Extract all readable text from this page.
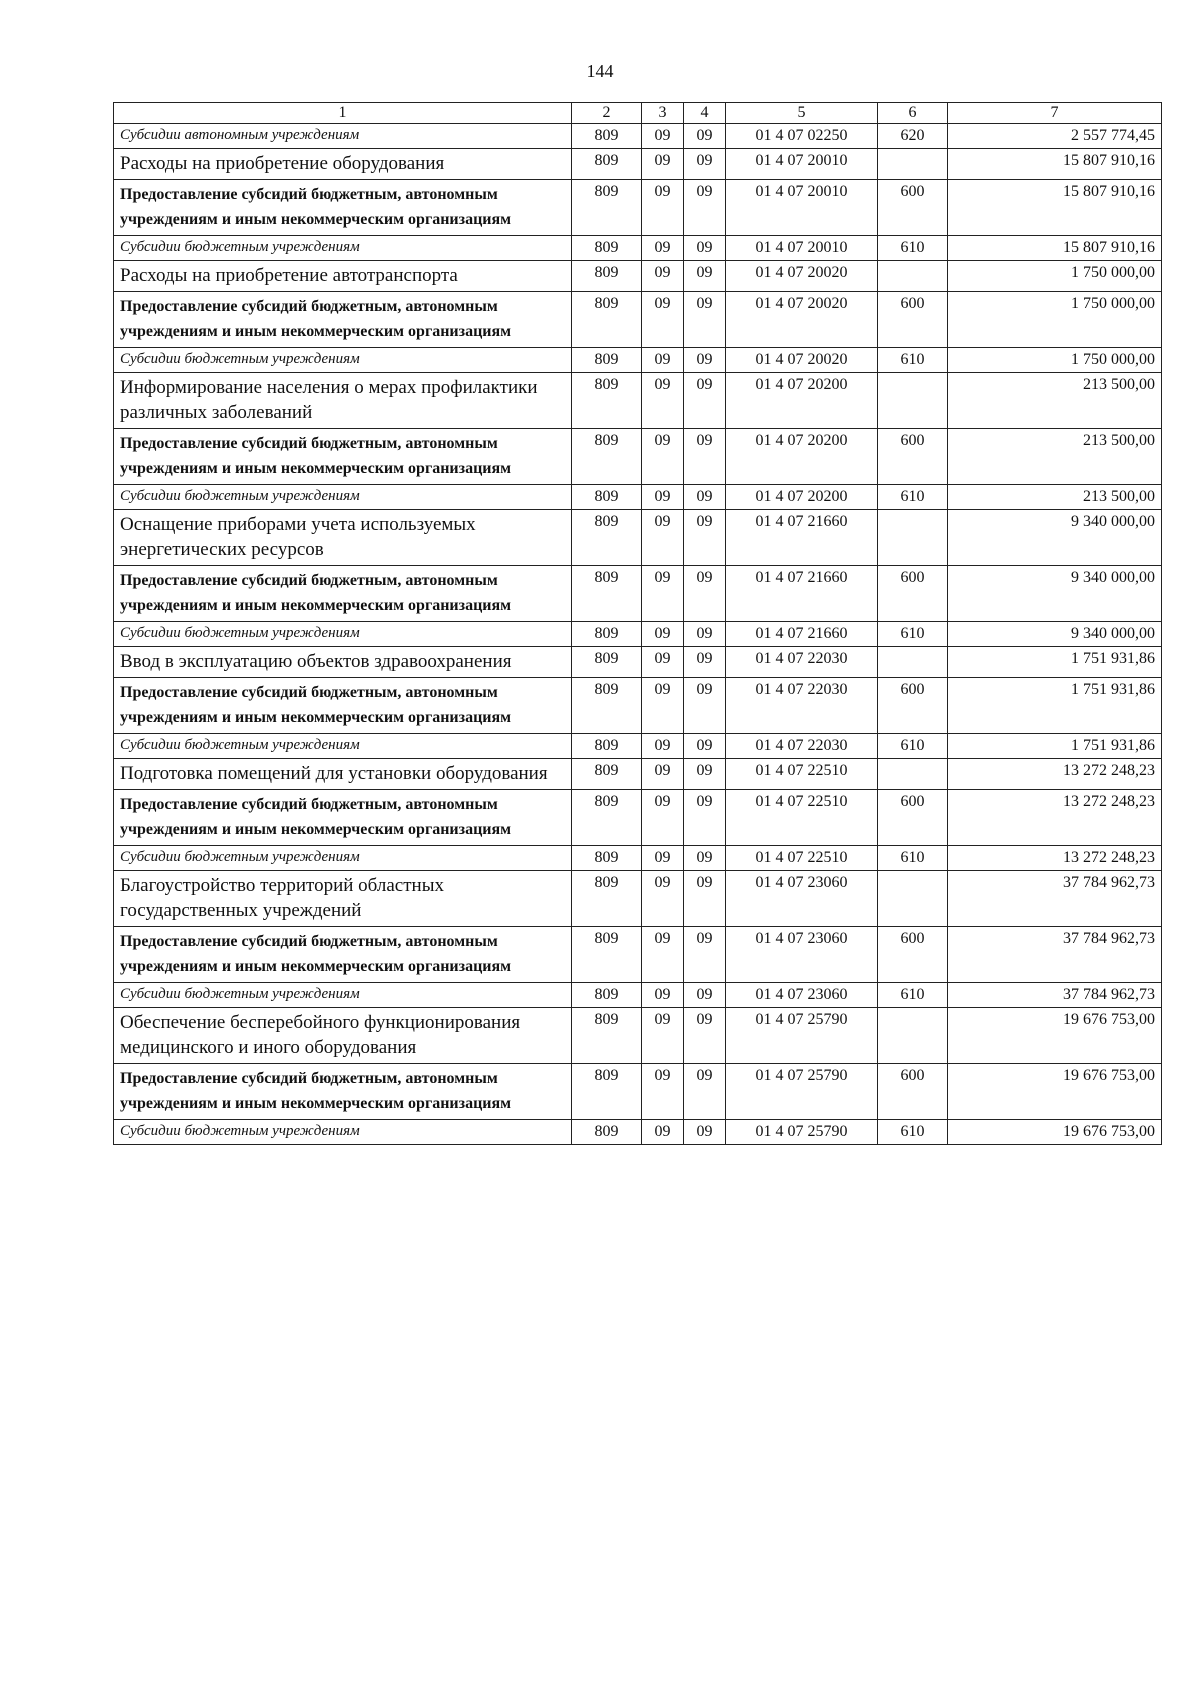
144
1	2	3	4	5	6	7
Субсидии автономным учреждениям	809	09	09	01 4 07 02250	620	2 557 774,45
Расходы на приобретение оборудования	809	09	09	01 4 07 20010		15 807 910,16
Предоставление субсидий бюджетным, автономным учреждениям и иным некоммерческим организациям	809	09	09	01 4 07 20010	600	15 807 910,16
Субсидии бюджетным учреждениям	809	09	09	01 4 07 20010	610	15 807 910,16
Расходы на приобретение автотранспорта	809	09	09	01 4 07 20020		1 750 000,00
Предоставление субсидий бюджетным, автономным учреждениям и иным некоммерческим организациям	809	09	09	01 4 07 20020	600	1 750 000,00
Субсидии бюджетным учреждениям	809	09	09	01 4 07 20020	610	1 750 000,00
Информирование населения о мерах профилактики различных заболеваний	809	09	09	01 4 07 20200		213 500,00
Предоставление субсидий бюджетным, автономным учреждениям и иным некоммерческим организациям	809	09	09	01 4 07 20200	600	213 500,00
Субсидии бюджетным учреждениям	809	09	09	01 4 07 20200	610	213 500,00
Оснащение приборами учета используемых энергетических ресурсов	809	09	09	01 4 07 21660		9 340 000,00
Предоставление субсидий бюджетным, автономным учреждениям и иным некоммерческим организациям	809	09	09	01 4 07 21660	600	9 340 000,00
Субсидии бюджетным учреждениям	809	09	09	01 4 07 21660	610	9 340 000,00
Ввод в эксплуатацию объектов здравоохранения	809	09	09	01 4 07 22030		1 751 931,86
Предоставление субсидий бюджетным, автономным учреждениям и иным некоммерческим организациям	809	09	09	01 4 07 22030	600	1 751 931,86
Субсидии бюджетным учреждениям	809	09	09	01 4 07 22030	610	1 751 931,86
Подготовка помещений для установки оборудования	809	09	09	01 4 07 22510		13 272 248,23
Предоставление субсидий бюджетным, автономным учреждениям и иным некоммерческим организациям	809	09	09	01 4 07 22510	600	13 272 248,23
Субсидии бюджетным учреждениям	809	09	09	01 4 07 22510	610	13 272 248,23
Благоустройство территорий областных государственных учреждений	809	09	09	01 4 07 23060		37 784 962,73
Предоставление субсидий бюджетным, автономным учреждениям и иным некоммерческим организациям	809	09	09	01 4 07 23060	600	37 784 962,73
Субсидии бюджетным учреждениям	809	09	09	01 4 07 23060	610	37 784 962,73
Обеспечение бесперебойного функционирования медицинского и иного оборудования	809	09	09	01 4 07 25790		19 676 753,00
Предоставление субсидий бюджетным, автономным учреждениям и иным некоммерческим организациям	809	09	09	01 4 07 25790	600	19 676 753,00
Субсидии бюджетным учреждениям	809	09	09	01 4 07 25790	610	19 676 753,00
